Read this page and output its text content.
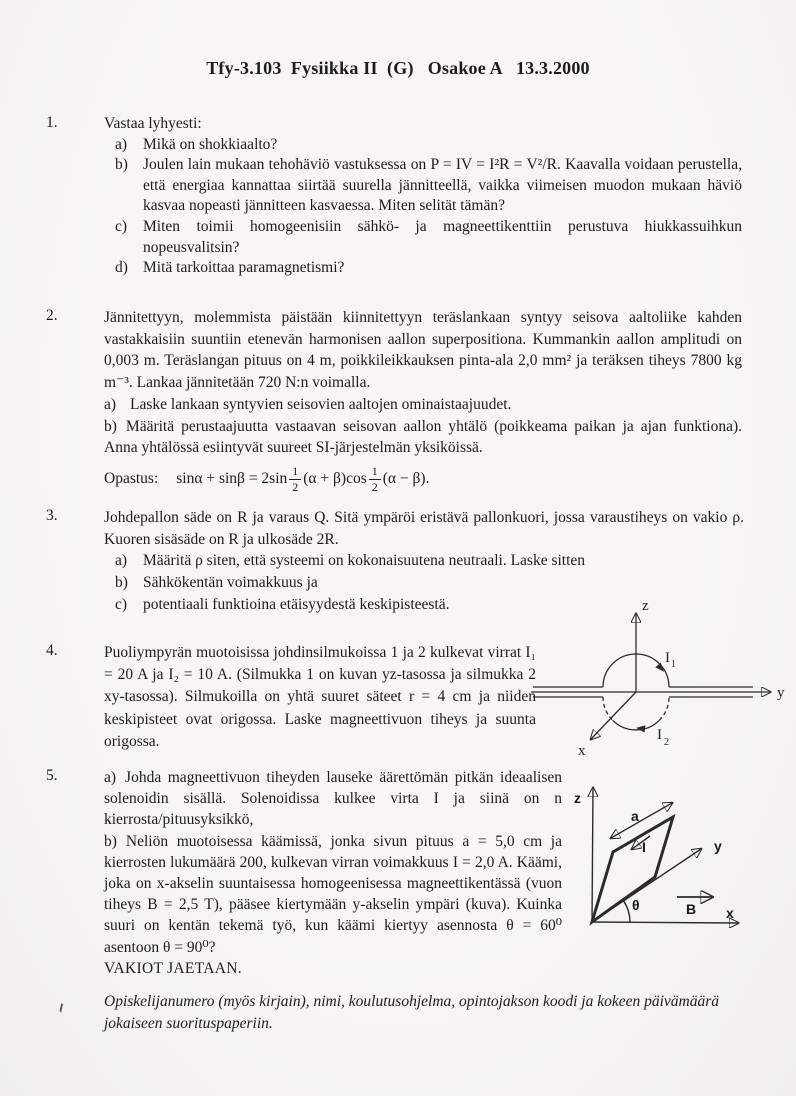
Tfy-3.103  Fysiikka II  (G)   Osakoe A   13.3.2000
1.	Vastaa lyhyesti:
a)	Mikä on shokkiaalto?
b) Joulen lain mukaan tehohäviö vastuksessa on P = IV = I²R = V²/R. Kaavalla voidaan perustella, että energiaa kannattaa siirtää suurella jännitteellä, vaikka viimeisen muodon mukaan häviö kasvaa nopeasti jännitteen kasvaessa. Miten selität tämän?
c)	Miten toimii homogeenisiin sähkö- ja magneettikenttiin perustuva hiukkassuihkun nopeusvalitsin?
d) Mitä tarkoittaa paramagnetismi?
2.	Jännitettyyn, molemmista päistään kiinnitettyyn teräslankaan syntyy seisova aaltoliike kahden vastakkaisiin suuntiin etenevän harmonisen aallon superpositiona. Kummankin aallon amplitudi on 0,003 m. Teräslangan pituus on 4 m, poikkileikkauksen pinta-ala 2,0 mm² ja teräksen tiheys 7800 kg m⁻³. Lankaa jännitetään 720 N:n voimalla.
a) Laske lankaan syntyvien seisovien aaltojen ominaistaajuudet.
b) Määritä perustaajuutta vastaavan seisovan aallon yhtälö (poikkeama paikan ja ajan funktiona). Anna yhtälössä esiintyvät suureet SI-järjestelmän yksiköissä.
Opastus: $\sin\alpha + \sin\beta = 2\sin \frac{1}{2} (\alpha + \beta)\cos \frac{1}{2} (\alpha - \beta)$.
3.	Johdepallon säde on R ja varaus Q. Sitä ympäröi eristävä pallonkuori, jossa varaustiheys on vakio ρ. Kuoren sisäsäde on R ja ulkosäde 2R.
a)	Määritä ρ siten, että systeemi on kokonaisuutena neutraali. Laske sitten
b) Sähkökentän voimakkuus ja
c)	potentiaali funktioina etäisyydestä keskipisteestä.
4.	Puoliympyrän muotoisissa johdinsilmukoissa 1 ja 2 kulkevat virrat I₁ = 20 A ja I₂ = 10 A. (Silmukka 1 on kuvan yz-tasossa ja silmukka 2 xy-tasossa). Silmukoilla on yhtä suuret säteet r = 4 cm ja niiden keskipisteet ovat origossa. Laske magneettivuon tiheys ja suunta origossa.
z
y
x
I 1
I 2
5.	a) Johda magneettivuon tiheyden lauseke äärettömän pitkän ideaalisen solenoidin sisällä. Solenoidissa kulkee virta I ja siinä on n kierrosta/pituusyksikkö,
b) Neliön muotoisessa käämissä, jonka sivun pituus a = 5,0 cm ja kierrosten lukumäärä 200, kulkevan virran voimakkuus I = 2,0 A. Käämi, joka on x-akselin suuntaisessa homogeenisessa magneettikentässä (vuon tiheys B = 2,5 T), pääsee kiertymään y-akselin ympäri (kuva). Kuinka suuri on kentän tekemä työ, kun käämi kiertyy asennosta θ = 60⁰ asentoon θ = 90⁰?
z
y
x
a
I
θ	B
VAKIOT JAETAAN.
Opiskelijanumero (myös kirjain), nimi, koulutusohjelma, opintojakson koodi ja kokeen päivämäärä jokaiseen suorituspaperiin.
